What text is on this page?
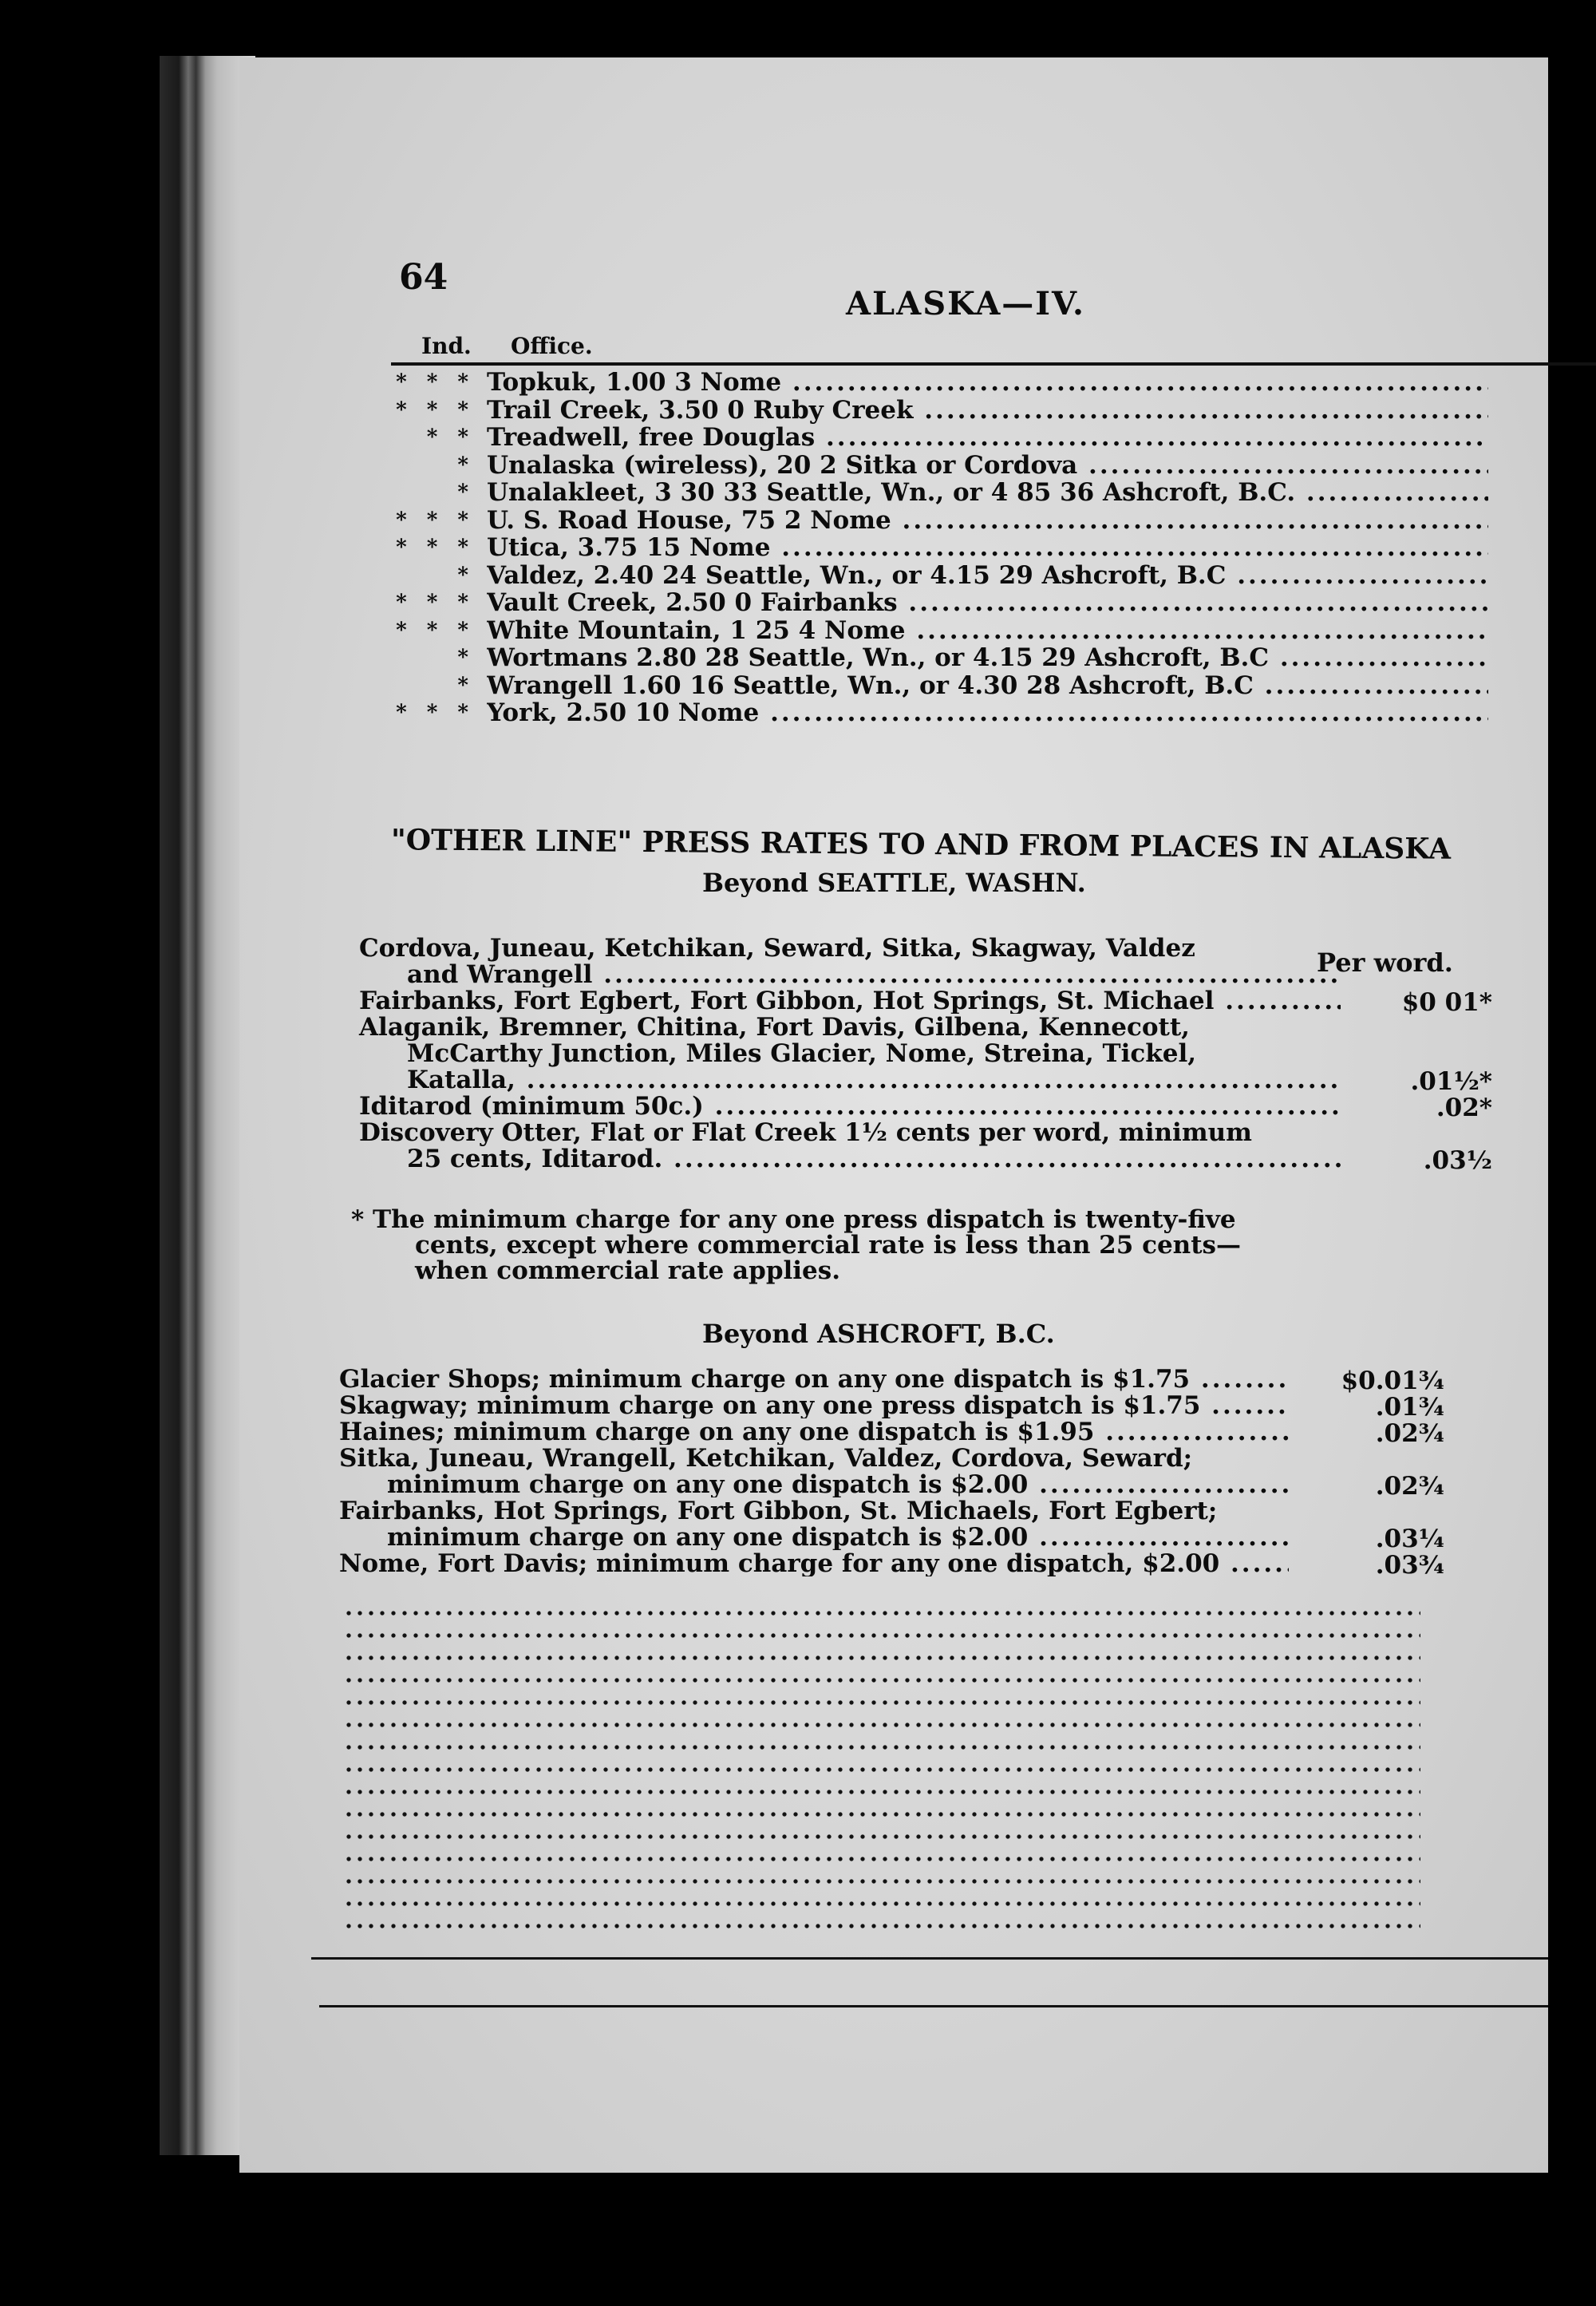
64
ALASKA—IV.
Ind. Office.
* * * Topkuk, 1.00 3 Nome .....
* * * Trail Creek, 3.50 0 Ruby Creek .....
* * Treadwell, free Douglas .....
* Unalaska (wireless), 20 2 Sitka or Cordova .....
* Unalakleet, 3 30 33 Seattle, Wn., or 4 85 36 Ashcroft, B.C. .....
* * * U. S. Road House, 75 2 Nome .....
* * * Utica, 3.75 15 Nome .....
* Valdez, 2.40 24 Seattle, Wn., or 4.15 29 Ashcroft, B.C .....
* * * Vault Creek, 2.50 0 Fairbanks .....
* * * White Mountain, 1 25 4 Nome .....
* Wortmans 2.80 28 Seattle, Wn., or 4.15 29 Ashcroft, B.C .....
* Wrangell 1.60 16 Seattle, Wn., or 4.30 28 Ashcroft, B.C .....
* * * York, 2.50 10 Nome .....
"OTHER LINE" PRESS RATES TO AND FROM PLACES IN ALASKA
Beyond SEATTLE, WASHN.
Per word.
Cordova, Juneau, Ketchikan, Seward, Sitka, Skagway, Valdez
and Wrangell .....
Fairbanks, Fort Egbert, Fort Gibbon, Hot Springs, St. Michael .....	$0 01*
Alaganik, Bremner, Chitina, Fort Davis, Gilbena, Kennecott,
McCarthy Junction, Miles Glacier, Nome, Streina, Tickel,
Katalla, .....	.01½*
Iditarod (minimum 50c.) .....	.02*
Discovery Otter, Flat or Flat Creek 1½ cents per word, minimum
25 cents, Iditarod. .....	.03½
* The minimum charge for any one press dispatch is twenty-five
cents, except where commercial rate is less than 25 cents—
when commercial rate applies.
Beyond ASHCROFT, B.C.
Glacier Shops; minimum charge on any one dispatch is $1.75 .....	$0.01¾
Skagway; minimum charge on any one press dispatch is $1.75 .....	.01¾
Haines; minimum charge on any one dispatch is $1.95 .....	.02¾
Sitka, Juneau, Wrangell, Ketchikan, Valdez, Cordova, Seward;
minimum charge on any one dispatch is $2.00 .....	.02¾
Fairbanks, Hot Springs, Fort Gibbon, St. Michaels, Fort Egbert;
minimum charge on any one dispatch is $2.00 .....	.03¼
Nome, Fort Davis; minimum charge for any one dispatch, $2.00 .....	.03¾
